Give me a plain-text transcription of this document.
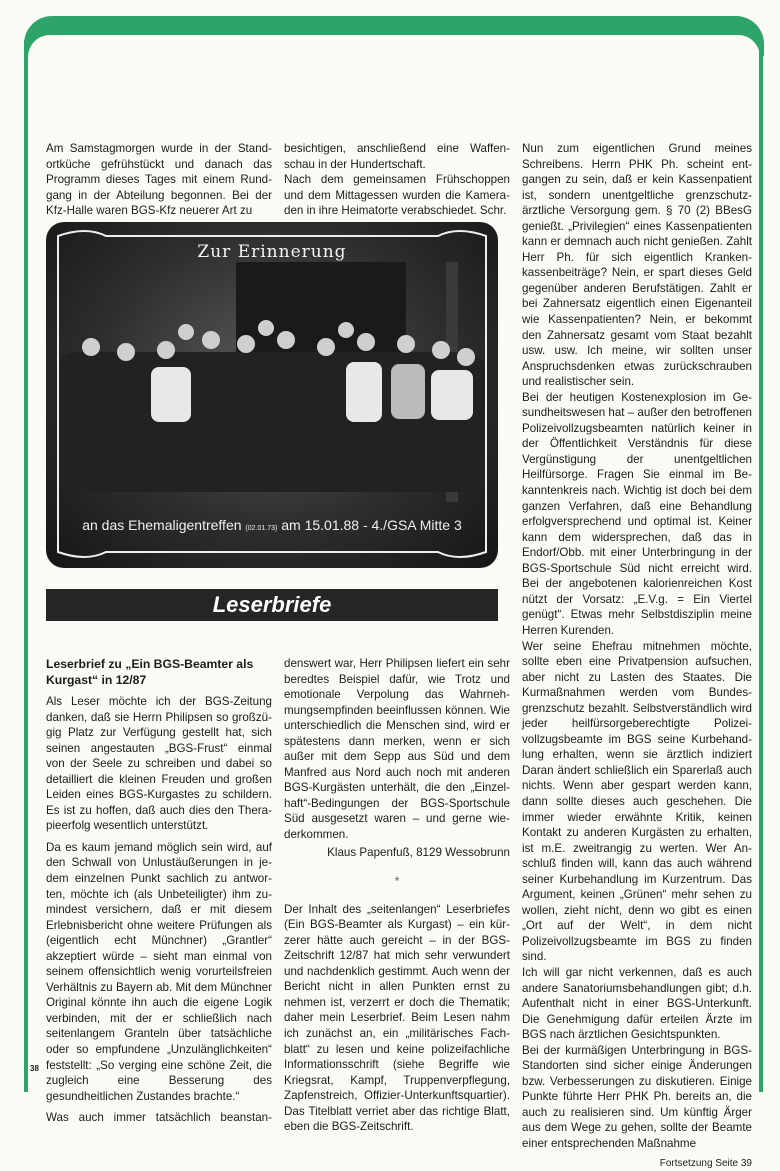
Am Samstagmorgen wurde in der Standortküche gefrühstückt und danach das Programm dieses Tages mit einem Rundgang in der Abteilung begonnen. Bei der Kfz-Halle waren BGS-Kfz neuerer Art zu

besichtigen, anschließend eine Waffenschau in der Hundertschaft.

Nach dem gemeinsamen Frühschoppen und dem Mittagessen wurden die Kameraden in ihre Heimatorte verabschiedet. Schr.

Zur Erinnerung
an das Ehemaligentreffen (02.01.73) am 15.01.88 - 4./GSA Mitte 3
Leserbriefe

Leserbrief zu „Ein BGS-Beamter als Kurgast“ in 12/87

Als Leser möchte ich der BGS-Zeitung danken, daß sie Herrn Philipsen so großzügig Platz zur Verfügung gestellt hat, sich seinen angestauten „BGS-Frust“ einmal von der Seele zu schreiben und dabei so detailliert die kleinen Freuden und großen Leiden eines BGS-Kurgastes zu schildern. Es ist zu hoffen, daß auch dies den Therapieerfolg wesentlich unterstützt.

Da es kaum jemand möglich sein wird, auf den Schwall von Unlustäußerungen in jedem einzelnen Punkt sachlich zu antworten, möchte ich (als Unbeteiligter) ihm zumindest versichern, daß er mit diesem Erlebnisbericht ohne weitere Prüfungen als (eigentlich echt Münchner) „Grantler“ akzeptiert würde – sieht man einmal von seinem offensichtlich wenig vorurteilsfreien Verhältnis zu Bayern ab. Mit dem Münchner Original könnte ihn auch die eigene Logik verbinden, mit der er schließlich nach seitenlangem Granteln über tatsächliche oder so empfundene „Unzulänglichkeiten“ feststellt: „So verging eine schöne Zeit, die zugleich eine Besserung des gesundheitlichen Zustandes brachte.“

Was auch immer tatsächlich beanstan-

denswert war, Herr Philipsen liefert ein sehr beredtes Beispiel dafür, wie Trotz und emotionale Verpolung das Wahrnehmungsempfinden beeinflussen können. Wie unterschiedlich die Menschen sind, wird er spätestens dann merken, wenn er sich außer mit dem Sepp aus Süd und dem Manfred aus Nord auch noch mit anderen BGS-Kurgästen unterhält, die den „Einzelhaft“-Bedingungen der BGS-Sportschule Süd ausgesetzt waren – und gerne wiederkommen.

Klaus Papenfuß, 8129 Wessobrunn

*

Der Inhalt des „seitenlangen“ Leserbriefes (Ein BGS-Beamter als Kurgast) – ein kürzerer hätte auch gereicht – in der BGS-Zeitschrift 12/87 hat mich sehr verwundert und nachdenklich gestimmt. Auch wenn der Bericht nicht in allen Punkten ernst zu nehmen ist, verzerrt er doch die Thematik; daher mein Leserbrief. Beim Lesen nahm ich zunächst an, ein „militärisches Fachblatt“ zu lesen und keine polizeifachliche Informationsschrift (siehe Begriffe wie Kriegsrat, Kampf, Truppenverpflegung, Zapfenstreich, Offizier-Unterkunftsquartier). Das Titelblatt verriet aber das richtige Blatt, eben die BGS-Zeitschrift.

Nun zum eigentlichen Grund meines Schreibens. Herrn PHK Ph. scheint entgangen zu sein, daß er kein Kassenpatient ist, sondern unentgeltliche grenzschutzärztliche Versorgung gem. § 70 (2) BBesG genießt. „Privilegien“ eines Kassenpatienten kann er demnach auch nicht genießen. Zahlt Herr Ph. für sich eigentlich Krankenkassenbeiträge? Nein, er spart dieses Geld gegenüber anderen Berufstätigen. Zahlt er bei Zahnersatz eigentlich einen Eigenanteil wie Kassenpatienten? Nein, er bekommt den Zahnersatz gesamt vom Staat bezahlt usw. usw. Ich meine, wir sollten unser Anspruchsdenken etwas zurückschrauben und realistischer sein.

Bei der heutigen Kostenexplosion im Gesundheitswesen hat – außer den betroffenen Polizeivollzugsbeamten natürlich keiner in der Öffentlichkeit Verständnis für diese Vergünstigung der unentgeltlichen Heilfürsorge. Fragen Sie einmal im Bekanntenkreis nach. Wichtig ist doch bei dem ganzen Verfahren, daß eine Behandlung erfolgversprechend und optimal ist. Keiner kann dem widersprechen, daß das in Endorf/Obb. mit einer Unterbringung in der BGS-Sportschule Süd nicht erreicht wird. Bei der angebotenen kalorienreichen Kost nützt der Vorsatz: „E.V.g. = Ein Viertel genügt“. Etwas mehr Selbstdisziplin meine Herren Kurenden.

Wer seine Ehefrau mitnehmen möchte, sollte eben eine Privatpension aufsuchen, aber nicht zu Lasten des Staates. Die Kurmaßnahmen werden vom Bundesgrenzschutz bezahlt. Selbstverständlich wird jeder heilfürsorgeberechtigte Polizeivollzugsbeamte im BGS seine Kurbehandlung erhalten, wenn sie ärztlich indiziert Daran ändert schließlich ein Sparerlaß auch nichts. Wenn aber gespart werden kann, dann sollte dieses auch geschehen. Die immer wieder erwähnte Kritik, keinen Kontakt zu anderen Kurgästen zu erhalten, ist m.E. zweitrangig zu werten. Wer Anschluß finden will, kann das auch während seiner Kurbehandlung im Kurzentrum. Das Argument, keinen „Grünen“ mehr sehen zu wollen, zieht nicht, denn wo gibt es einen „Ort auf der Welt“, in dem nicht Polizeivollzugsbeamte im BGS zu finden sind.

Ich will gar nicht verkennen, daß es auch andere Sanatoriumsbehandlungen gibt; d.h. Aufenthalt nicht in einer BGS-Unterkunft. Die Genehmigung dafür erteilen Ärzte im BGS nach ärztlichen Gesichtspunkten.

Bei der kurmäßigen Unterbringung in BGS-Standorten sind sicher einige Änderungen bzw. Verbesserungen zu diskutieren. Einige Punkte führte Herr PHK Ph. bereits an, die auch zu realisieren sind. Um künftig Ärger aus dem Wege zu gehen, sollte der Beamte einer entsprechenden Maßnahme

Fortsetzung Seite 39

38
